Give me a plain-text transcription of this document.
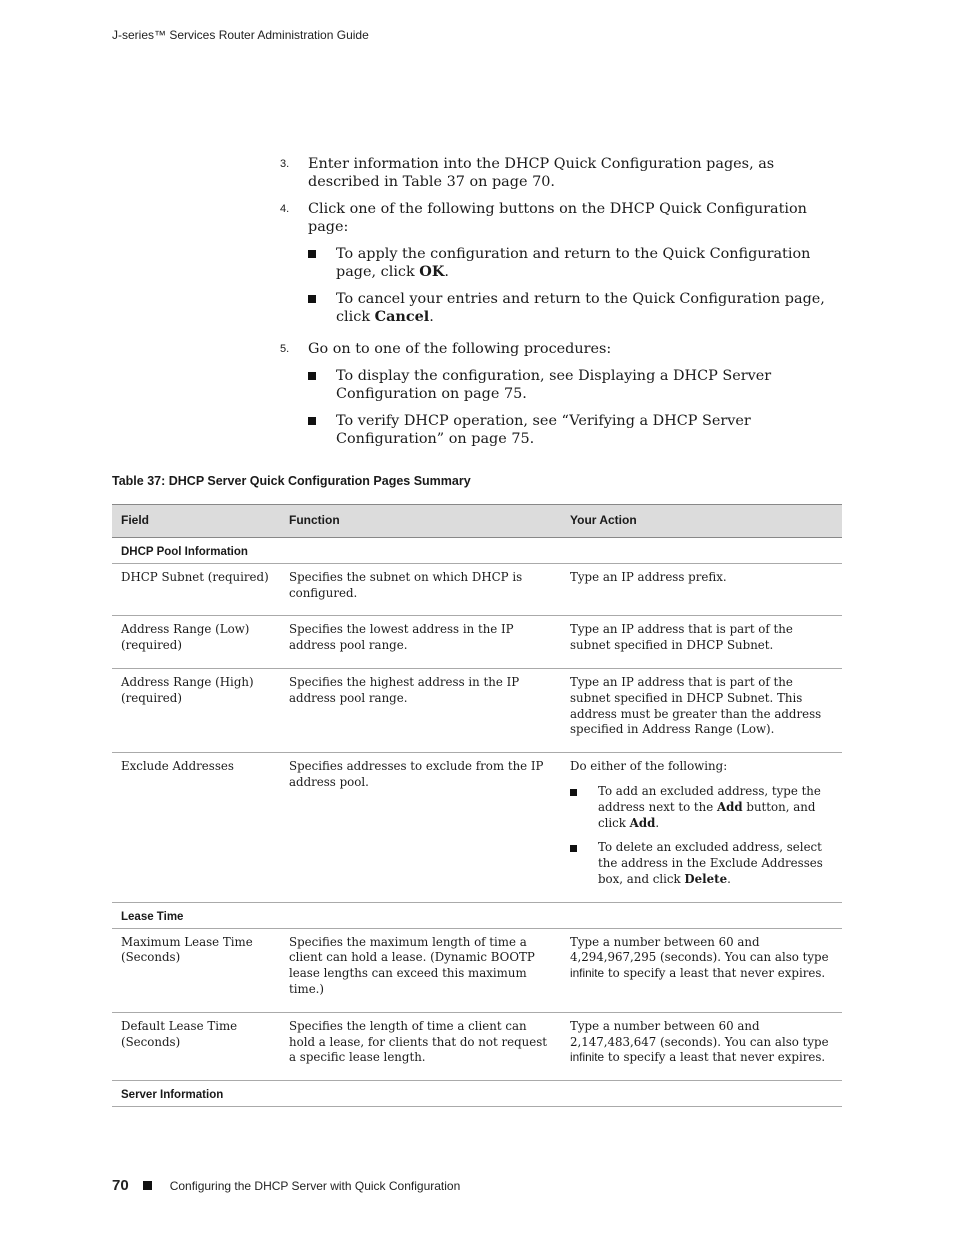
J-series™ Services Router Administration Guide
3. Enter information into the DHCP Quick Configuration pages, as described in Table 37 on page 70.
4. Click one of the following buttons on the DHCP Quick Configuration page:
To apply the configuration and return to the Quick Configuration page, click OK.
To cancel your entries and return to the Quick Configuration page, click Cancel.
5. Go on to one of the following procedures:
To display the configuration, see Displaying a DHCP Server Configuration on page 75.
To verify DHCP operation, see “Verifying a DHCP Server Configuration” on page 75.
Table 37: DHCP Server Quick Configuration Pages Summary
Field	Function	Your Action
DHCP Pool Information		
DHCP Subnet (required)	Specifies the subnet on which DHCP is configured.	Type an IP address prefix.
Address Range (Low) (required)	Specifies the lowest address in the IP address pool range.	Type an IP address that is part of the subnet specified in DHCP Subnet.
Address Range (High) (required)	Specifies the highest address in the IP address pool range.	Type an IP address that is part of the subnet specified in DHCP Subnet. This address must be greater than the address specified in Address Range (Low).
Exclude Addresses	Specifies addresses to exclude from the IP address pool.	Do either of the following:
To add an excluded address, type the address next to the Add button, and click Add.
To delete an excluded address, select the address in the Exclude Addresses box, and click Delete.

Lease Time		
Maximum Lease Time (Seconds)	Specifies the maximum length of time a client can hold a lease. (Dynamic BOOTP lease lengths can exceed this maximum time.)	Type a number between 60 and 4,294,967,295 (seconds). You can also type infinite to specify a least that never expires.
Default Lease Time (Seconds)	Specifies the length of time a client can hold a lease, for clients that do not request a specific lease length.	Type a number between 60 and 2,147,483,647 (seconds). You can also type infinite to specify a least that never expires.
Server Information		
70	Configuring the DHCP Server with Quick Configuration
